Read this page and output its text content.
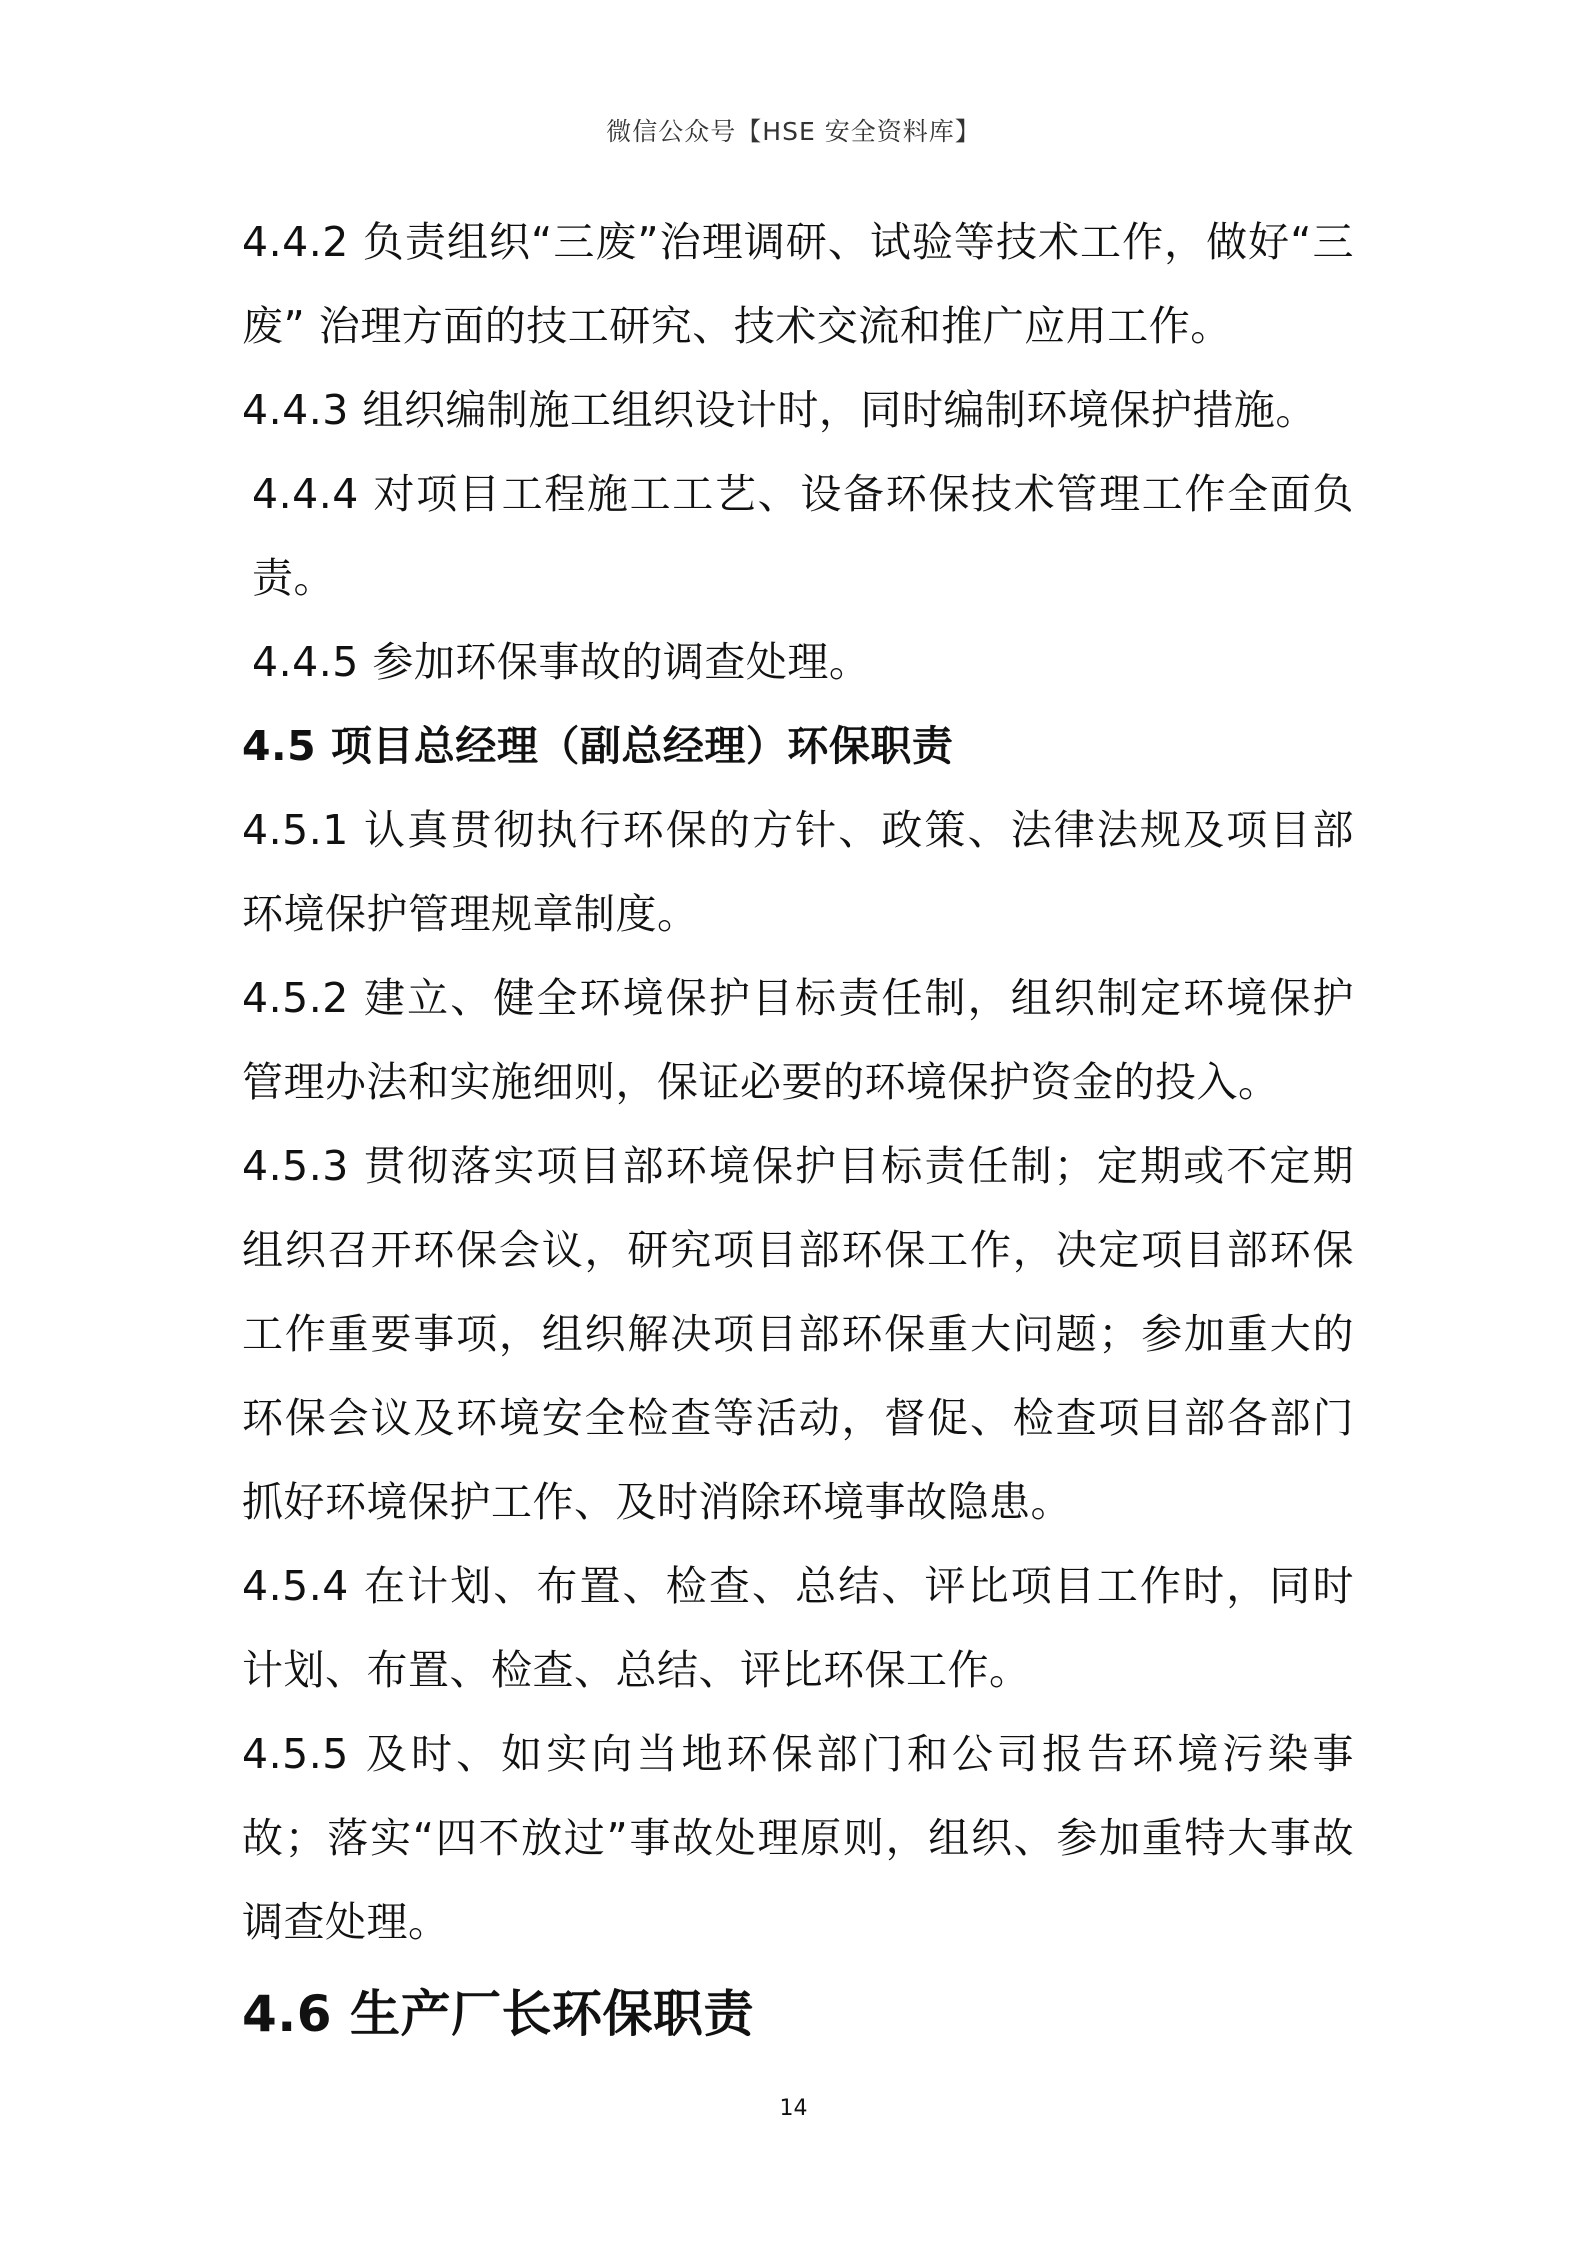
微信公众号【HSE 安全资料库】

4.4.2 负责组织“三废”治理调研、试验等技术工作，做好“三废” 治理方面的技工研究、技术交流和推广应用工作。

4.4.3 组织编制施工组织设计时，同时编制环境保护措施。

4.4.4 对项目工程施工工艺、设备环保技术管理工作全面负责。

4.4.5 参加环保事故的调查处理。

4.5 项目总经理（副总经理）环保职责

4.5.1 认真贯彻执行环保的方针、政策、法律法规及项目部环境保护管理规章制度。

4.5.2 建立、健全环境保护目标责任制，组织制定环境保护管理办法和实施细则，保证必要的环境保护资金的投入。

4.5.3 贯彻落实项目部环境保护目标责任制；定期或不定期组织召开环保会议，研究项目部环保工作，决定项目部环保工作重要事项，组织解决项目部环保重大问题；参加重大的环保会议及环境安全检查等活动，督促、检查项目部各部门抓好环境保护工作、及时消除环境事故隐患。

4.5.4 在计划、布置、检查、总结、评比项目工作时，同时计划、布置、检查、总结、评比环保工作。

4.5.5 及时、如实向当地环保部门和公司报告环境污染事故；落实“四不放过”事故处理原则，组织、参加重特大事故调查处理。

4.6 生产厂长环保职责

14
